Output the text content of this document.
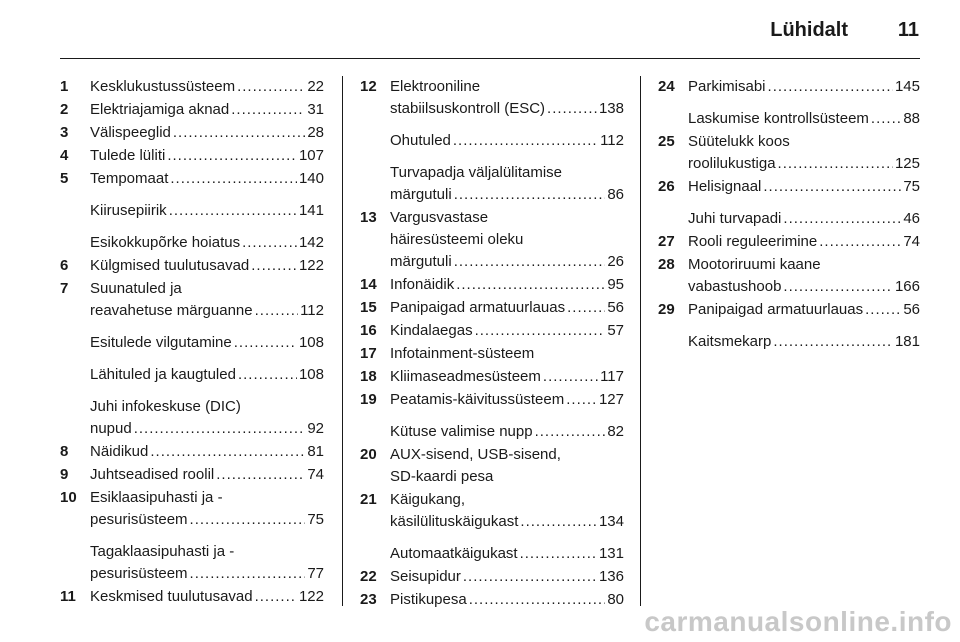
Lühidalt 11
1	Kesklukustussüsteem .....	22
2	Elektriajamiga aknad .....	31
3	Välispeeglid .....	28
4	Tulede lüliti .....	107
5	Tempomaat .....	140
Kiirusepiirik .....	141
Esikokkupõrke hoiatus .....	142
6	Külgmised tuulutusavad .....	122
7	Suunatuled ja
reavahetuse märguanne .....	112
Esitulede vilgutamine .....	108
Lähituled ja kaugtuled .....	108
Juhi infokeskuse (DIC)
nupud .....	92
8	Näidikud .....	81
9	Juhtseadised roolil .....	74
10 Esiklaasipuhasti ja -
pesurisüsteem .....	75
Tagaklaasipuhasti ja -
pesurisüsteem .....	77
11 Keskmised tuulutusavad .....	122
12 Elektrooniline
stabiilsuskontroll (ESC) .....	138
Ohutuled .....	112
Turvapadja väljalülitamise
märgutuli .....	86
13 Vargusvastase
häiresüsteemi oleku
märgutuli .....	26
14 Infonäidik .....	95
15 Panipaigad armatuurlauas .....	56
16 Kindalaegas .....	57
17 Infotainment-süsteem
18 Kliimaseadmesüsteem .....	117
19 Peatamis-käivitussüsteem ..... 127
Kütuse valimise nupp .....	82
20 AUX-sisend, USB-sisend,
SD-kaardi pesa
21 Käigukang,
käsilülituskäigukast .....	134
Automaatkäigukast .....	131
22 Seisupidur .....	136
23 Pistikupesa .....	80
24 Parkimisabi .....	145
Laskumise kontrollsüsteem ..... 88
25 Süütelukk koos
roolilukustiga .....	125
26 Helisignaal .....	75
Juhi turvapadi .....	46
27 Rooli reguleerimine .....	74
28 Mootoriruumi kaane
vabastushoob .....	166
29 Panipaigad armatuurlauas .....	56
Kaitsmekarp .....	181
carmanualsonline.info
